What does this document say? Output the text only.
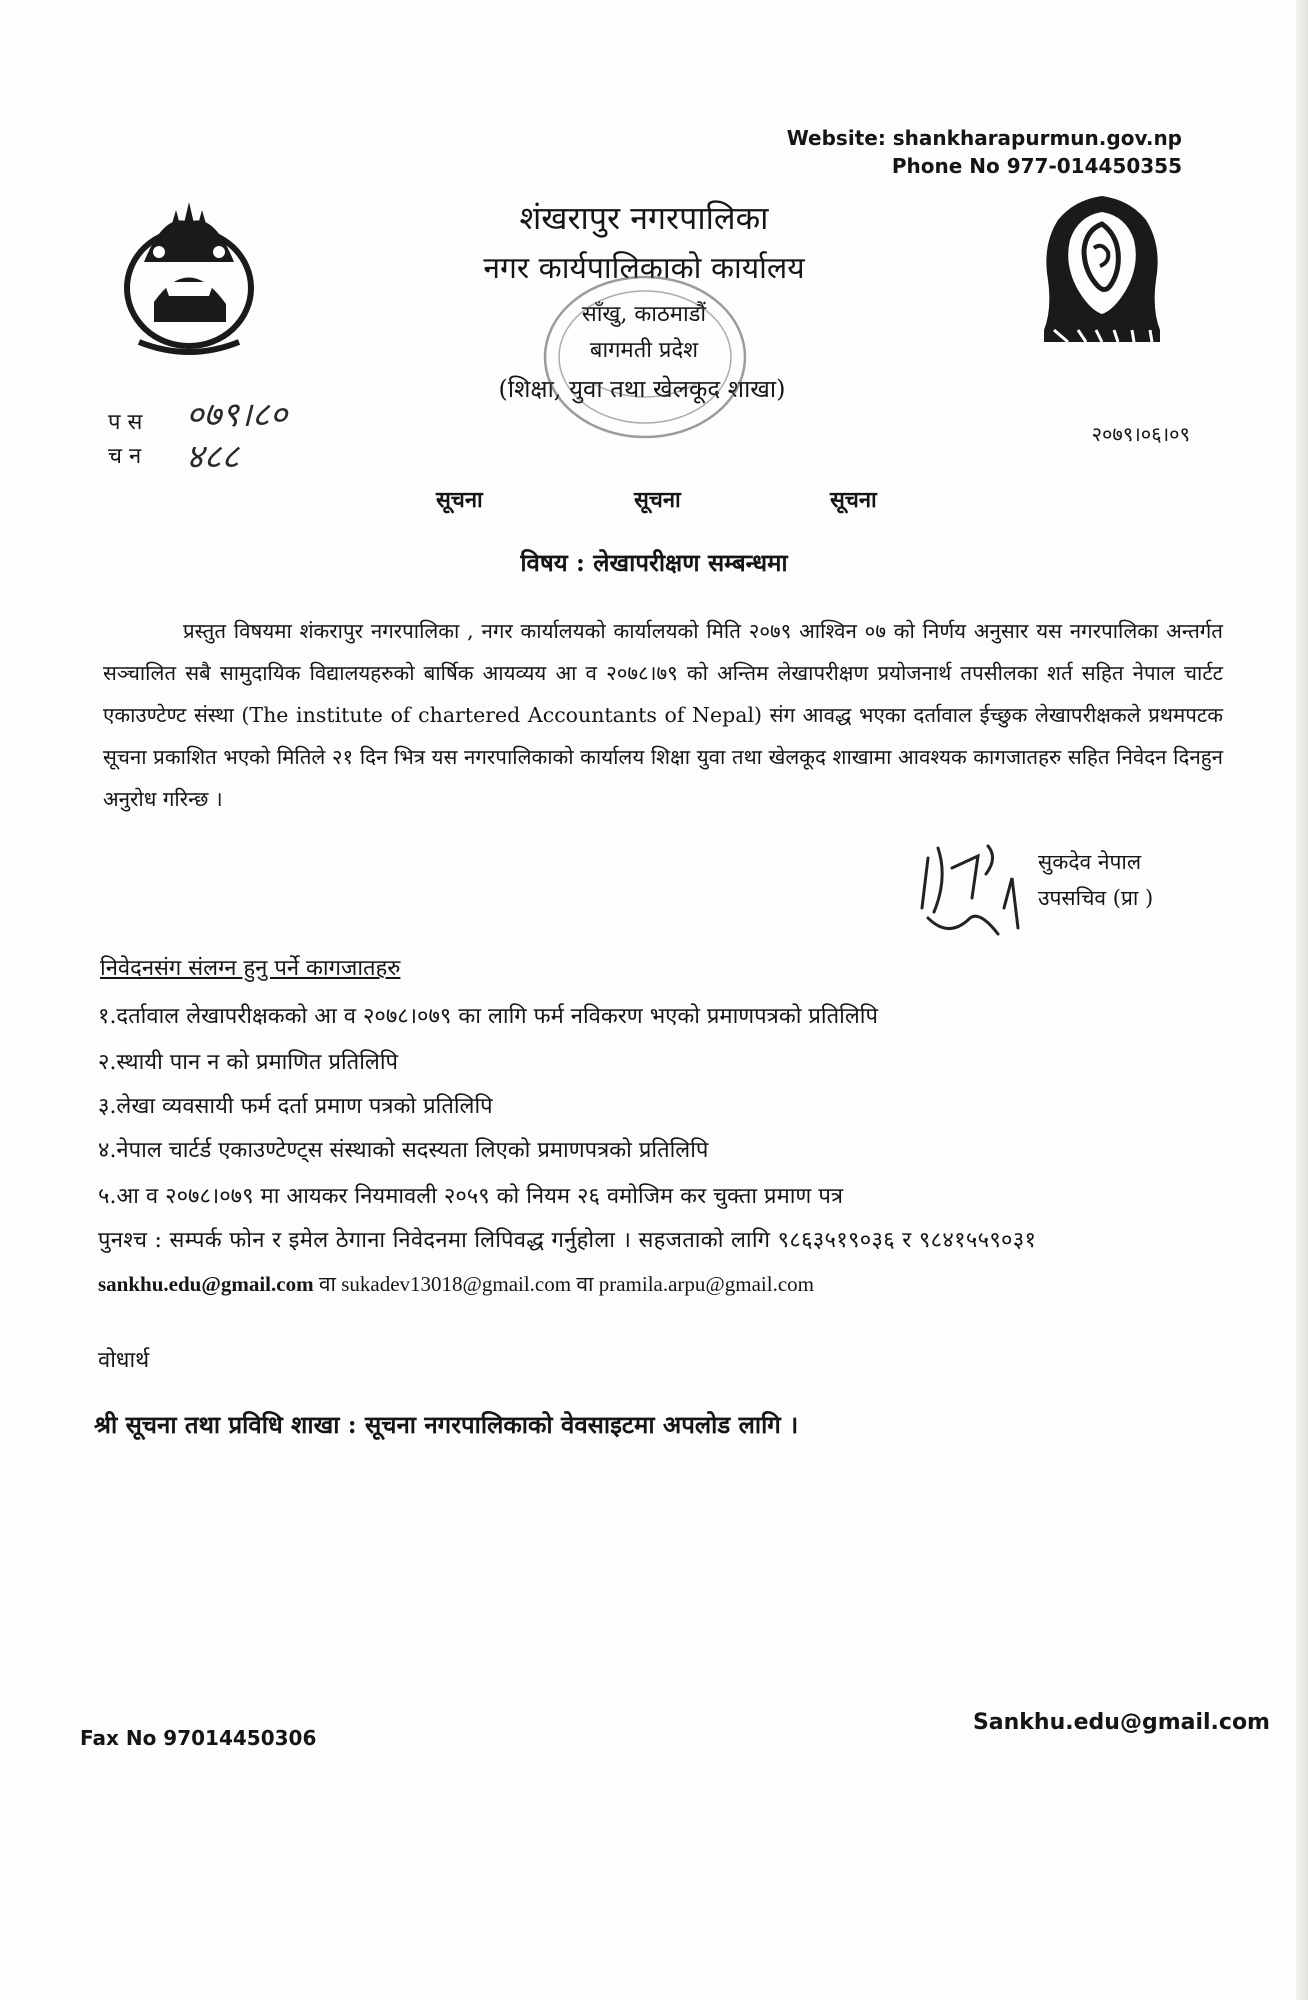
Website: shankharapurmun.gov.np
Phone No 977-014450355
शंखरापुर नगरपालिका
नगर कार्यपालिकाको कार्यालय
साँखु, काठमाडौं
बागमती प्रदेश
(शिक्षा, युवा तथा खेलकूद शाखा)
प स
च न
०७९।८०
४८८
२०७९।०६।०९
सूचना	सूचना	सूचना
विषय : लेखापरीक्षण सम्बन्धमा
प्रस्तुत विषयमा शंकरापुर नगरपालिका , नगर कार्यालयको कार्यालयको मिति २०७९ आश्विन ०७ को निर्णय अनुसार यस नगरपालिका अन्तर्गत सञ्चालित सबै सामुदायिक विद्यालयहरुको बार्षिक आयव्यय आ व २०७८।७९ को अन्तिम लेखापरीक्षण प्रयोजनार्थ तपसीलका शर्त सहित नेपाल चार्टट एकाउण्टेण्ट संस्था (The institute of chartered Accountants of Nepal) संग आवद्ध भएका दर्तावाल ईच्छुक लेखापरीक्षकले प्रथमपटक सूचना प्रकाशित भएको मितिले २१ दिन भित्र यस नगरपालिकाको कार्यालय शिक्षा युवा तथा खेलकूद शाखामा आवश्यक कागजातहरु सहित निवेदन दिनहुन अनुरोध गरिन्छ ।
सुकदेव नेपाल
उपसचिव (प्रा )
निवेदनसंग संलग्न हुनु पर्ने कागजातहरु
१.दर्तावाल लेखापरीक्षकको आ व २०७८।०७९ का लागि फर्म नविकरण भएको प्रमाणपत्रको प्रतिलिपि
२.स्थायी पान न को प्रमाणित प्रतिलिपि
३.लेखा व्यवसायी फर्म दर्ता प्रमाण पत्रको प्रतिलिपि
४.नेपाल चार्टर्ड एकाउण्टेण्ट्स संस्थाको सदस्यता लिएको प्रमाणपत्रको प्रतिलिपि
५.आ व २०७८।०७९ मा आयकर नियमावली २०५९ को नियम २६ वमोजिम कर चुक्ता प्रमाण पत्र
पुनश्च : सम्पर्क फोन र इमेल ठेगाना निवेदनमा लिपिवद्ध गर्नुहोला । सहजताको लागि ९८६३५१९०३६ र ९८४१५५९०३१
sankhu.edu@gmail.com वा sukadev13018@gmail.com वा pramila.arpu@gmail.com
वोधार्थ
श्री सूचना तथा प्रविधि शाखा : सूचना नगरपालिकाको वेवसाइटमा अपलोड लागि ।
Fax No 97014450306
Sankhu.edu@gmail.com
